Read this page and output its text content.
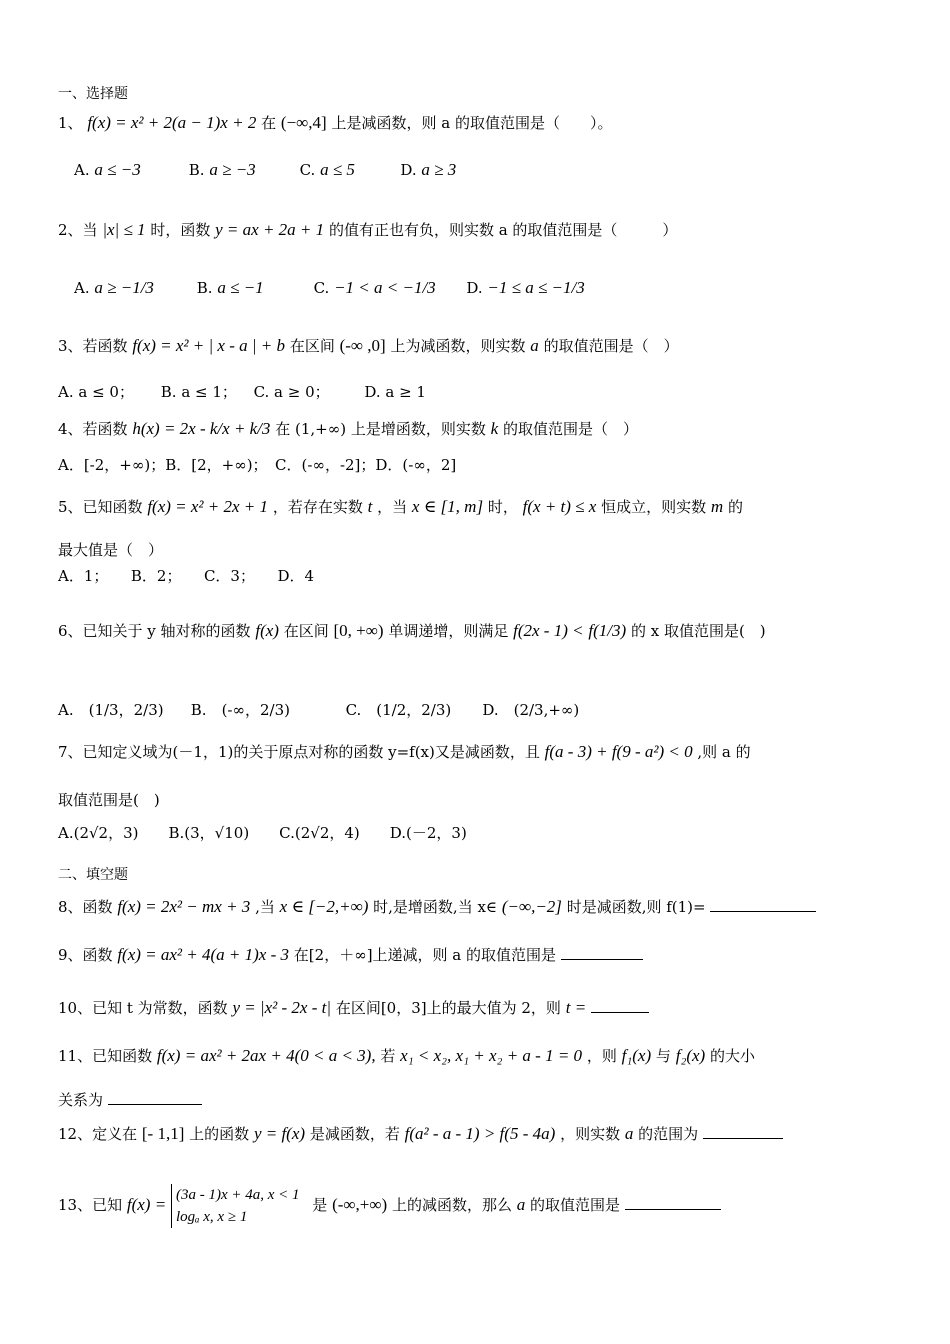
一、选择题
1、 f(x) = x² + 2(a − 1)x + 2 在 (−∞,4] 上是减函数，则 a 的取值范围是（　　）。
A. a ≤ −3	B. a ≥ −3	C. a ≤ 5	D. a ≥ 3
2、当 |x| ≤ 1 时，函数 y = ax + 2a + 1 的值有正也有负，则实数 a 的取值范围是（　　　）
A. a ≥ −1/3	B. a ≤ −1	C. −1 < a < −1/3 D. −1 ≤ a ≤ −1/3
3、若函数 f(x) = x² + | x - a | + b 在区间 (-∞ ,0] 上为减函数，则实数 a 的取值范围是（　）
A. a ≤ 0； B. a ≤ 1； C. a ≥ 0； D. a ≥ 1
4、若函数 h(x) = 2x - k/x + k/3 在 (1,+∞) 上是增函数，则实数 k 的取值范围是（　）
A．[-2，+∞)；B．[2，+∞)；　C．(-∞，-2]；D．(-∞，2]
5、已知函数 f(x) = x² + 2x + 1 ，若存在实数 t ，当 x ∈ [1, m] 时， f(x + t) ≤ x 恒成立，则实数 m 的
最大值是（　）
A．1；　　B．2；　　C．3；　　D．4
6、已知关于 y 轴对称的函数 f(x) 在区间 [0, +∞) 单调递增，则满足 f(2x - 1) < f(1/3) 的 x 取值范围是(　)
A.　(1/3，2/3) B.　(-∞，2/3)	C.　(1/2，2/3) D.　(2/3,+∞)
7、已知定义域为(－1，1)的关于原点对称的函数 y=f(x)又是减函数，且 f(a - 3) + f(9 - a²) < 0 ,则 a 的
取值范围是(　)
A.(2√2，3)　　B.(3，√10)　　C.(2√2，4)　　D.(－2，3)
二、填空题
8、函数 f(x) = 2x² − mx + 3 ,当 x ∈ [−2,+∞) 时,是增函数,当 x∈ (−∞,−2] 时是减函数,则 f(1)=
9、函数 f(x) = ax² + 4(a + 1)x - 3 在[2，＋∞]上递减，则 a 的取值范围是
10、已知 t 为常数，函数 y = |x² - 2x - t| 在区间[0，3]上的最大值为 2，则 t =
11、已知函数 f(x) = ax² + 2ax + 4(0 < a < 3), 若 x₁ < x₂, x₁ + x₂ + a - 1 = 0 ，则 f₁(x) 与 f₂(x) 的大小
关系为
12、定义在 [- 1,1] 上的函数 y = f(x) 是减函数，若 f(a² - a - 1) > f(5 - 4a) ，则实数 a 的范围为
13、已知 f(x) = (3a - 1)x + 4a, x < 1
logₐ x, x ≥ 1
是 (-∞,+∞) 上的减函数，那么 a 的取值范围是
